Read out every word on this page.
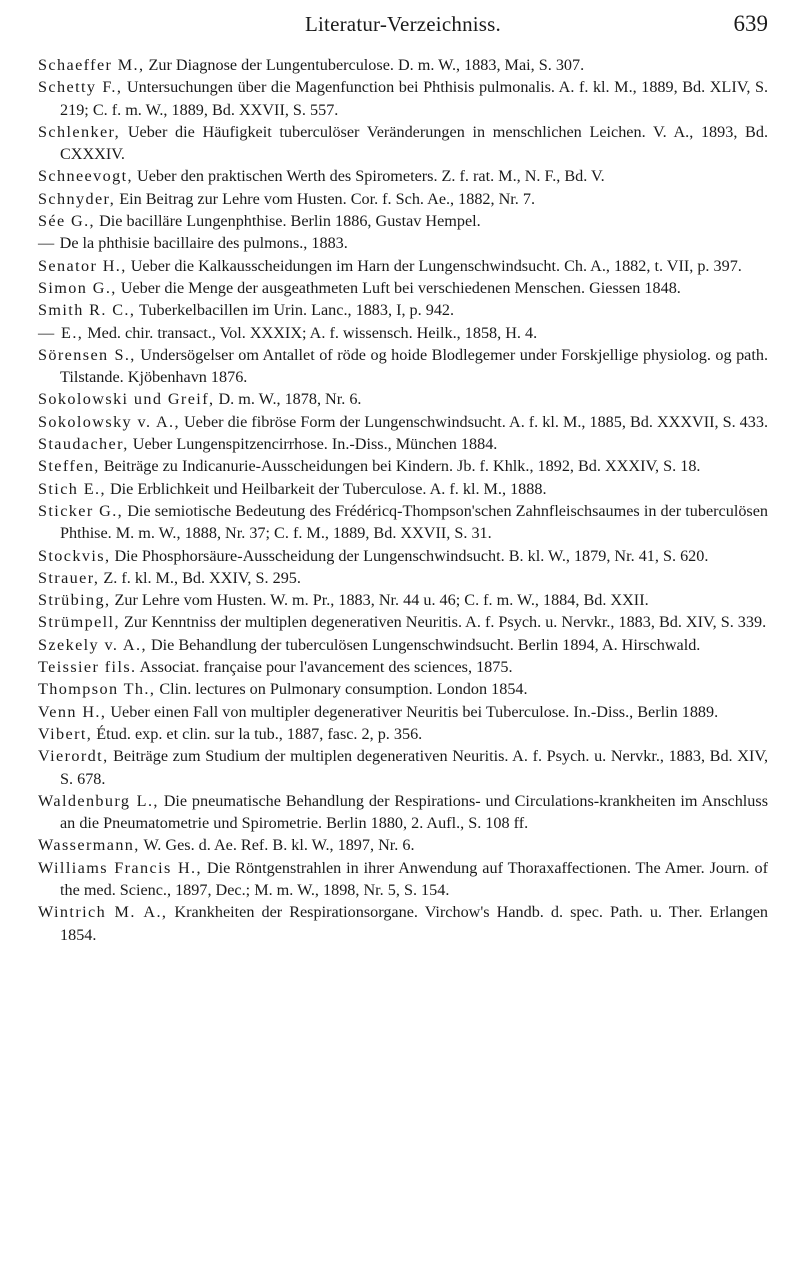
Literatur-Verzeichniss.	639
Schaeffer M., Zur Diagnose der Lungentuberculose. D. m. W., 1883, Mai, S. 307.
Schetty F., Untersuchungen über die Magenfunction bei Phthisis pulmonalis. A. f. kl. M., 1889, Bd. XLIV, S. 219; C. f. m. W., 1889, Bd. XXVII, S. 557.
Schlenker, Ueber die Häufigkeit tuberculöser Veränderungen in menschlichen Leichen. V. A., 1893, Bd. CXXXIV.
Schneevogt, Ueber den praktischen Werth des Spirometers. Z. f. rat. M., N. F., Bd. V.
Schnyder, Ein Beitrag zur Lehre vom Husten. Cor. f. Sch. Ae., 1882, Nr. 7.
Sée G., Die bacilläre Lungenphthise. Berlin 1886, Gustav Hempel.
— De la phthisie bacillaire des pulmons., 1883.
Senator H., Ueber die Kalkausscheidungen im Harn der Lungenschwindsucht. Ch. A., 1882, t. VII, p. 397.
Simon G., Ueber die Menge der ausgeathmeten Luft bei verschiedenen Menschen. Giessen 1848.
Smith R. C., Tuberkelbacillen im Urin. Lanc., 1883, I, p. 942.
— E., Med. chir. transact., Vol. XXXIX; A. f. wissensch. Heilk., 1858, H. 4.
Sörensen S., Undersögelser om Antallet of röde og hoide Blodlegemer under Forskjellige physiolog. og path. Tilstande. Kjöbenhavn 1876.
Sokolowski und Greif, D. m. W., 1878, Nr. 6.
Sokolowsky v. A., Ueber die fibröse Form der Lungenschwindsucht. A. f. kl. M., 1885, Bd. XXXVII, S. 433.
Staudacher, Ueber Lungenspitzencirrhose. In.-Diss., München 1884.
Steffen, Beiträge zu Indicanurie-Ausscheidungen bei Kindern. Jb. f. Khlk., 1892, Bd. XXXIV, S. 18.
Stich E., Die Erblichkeit und Heilbarkeit der Tuberculose. A. f. kl. M., 1888.
Sticker G., Die semiotische Bedeutung des Frédéricq-Thompson'schen Zahnfleischsaumes in der tuberculösen Phthise. M. m. W., 1888, Nr. 37; C. f. M., 1889, Bd. XXVII, S. 31.
Stockvis, Die Phosphorsäure-Ausscheidung der Lungenschwindsucht. B. kl. W., 1879, Nr. 41, S. 620.
Strauer, Z. f. kl. M., Bd. XXIV, S. 295.
Strübing, Zur Lehre vom Husten. W. m. Pr., 1883, Nr. 44 u. 46; C. f. m. W., 1884, Bd. XXII.
Strümpell, Zur Kenntniss der multiplen degenerativen Neuritis. A. f. Psych. u. Nervkr., 1883, Bd. XIV, S. 339.
Szekely v. A., Die Behandlung der tuberculösen Lungenschwindsucht. Berlin 1894, A. Hirschwald.
Teissier fils. Associat. française pour l'avancement des sciences, 1875.
Thompson Th., Clin. lectures on Pulmonary consumption. London 1854.
Venn H., Ueber einen Fall von multipler degenerativer Neuritis bei Tuberculose. In.-Diss., Berlin 1889.
Vibert, Étud. exp. et clin. sur la tub., 1887, fasc. 2, p. 356.
Vierordt, Beiträge zum Studium der multiplen degenerativen Neuritis. A. f. Psych. u. Nervkr., 1883, Bd. XIV, S. 678.
Waldenburg L., Die pneumatische Behandlung der Respirations- und Circulations-krankheiten im Anschluss an die Pneumatometrie und Spirometrie. Berlin 1880, 2. Aufl., S. 108 ff.
Wassermann, W. Ges. d. Ae. Ref. B. kl. W., 1897, Nr. 6.
Williams Francis H., Die Röntgenstrahlen in ihrer Anwendung auf Thoraxaffectionen. The Amer. Journ. of the med. Scienc., 1897, Dec.; M. m. W., 1898, Nr. 5, S. 154.
Wintrich M. A., Krankheiten der Respirationsorgane. Virchow's Handb. d. spec. Path. u. Ther. Erlangen 1854.
